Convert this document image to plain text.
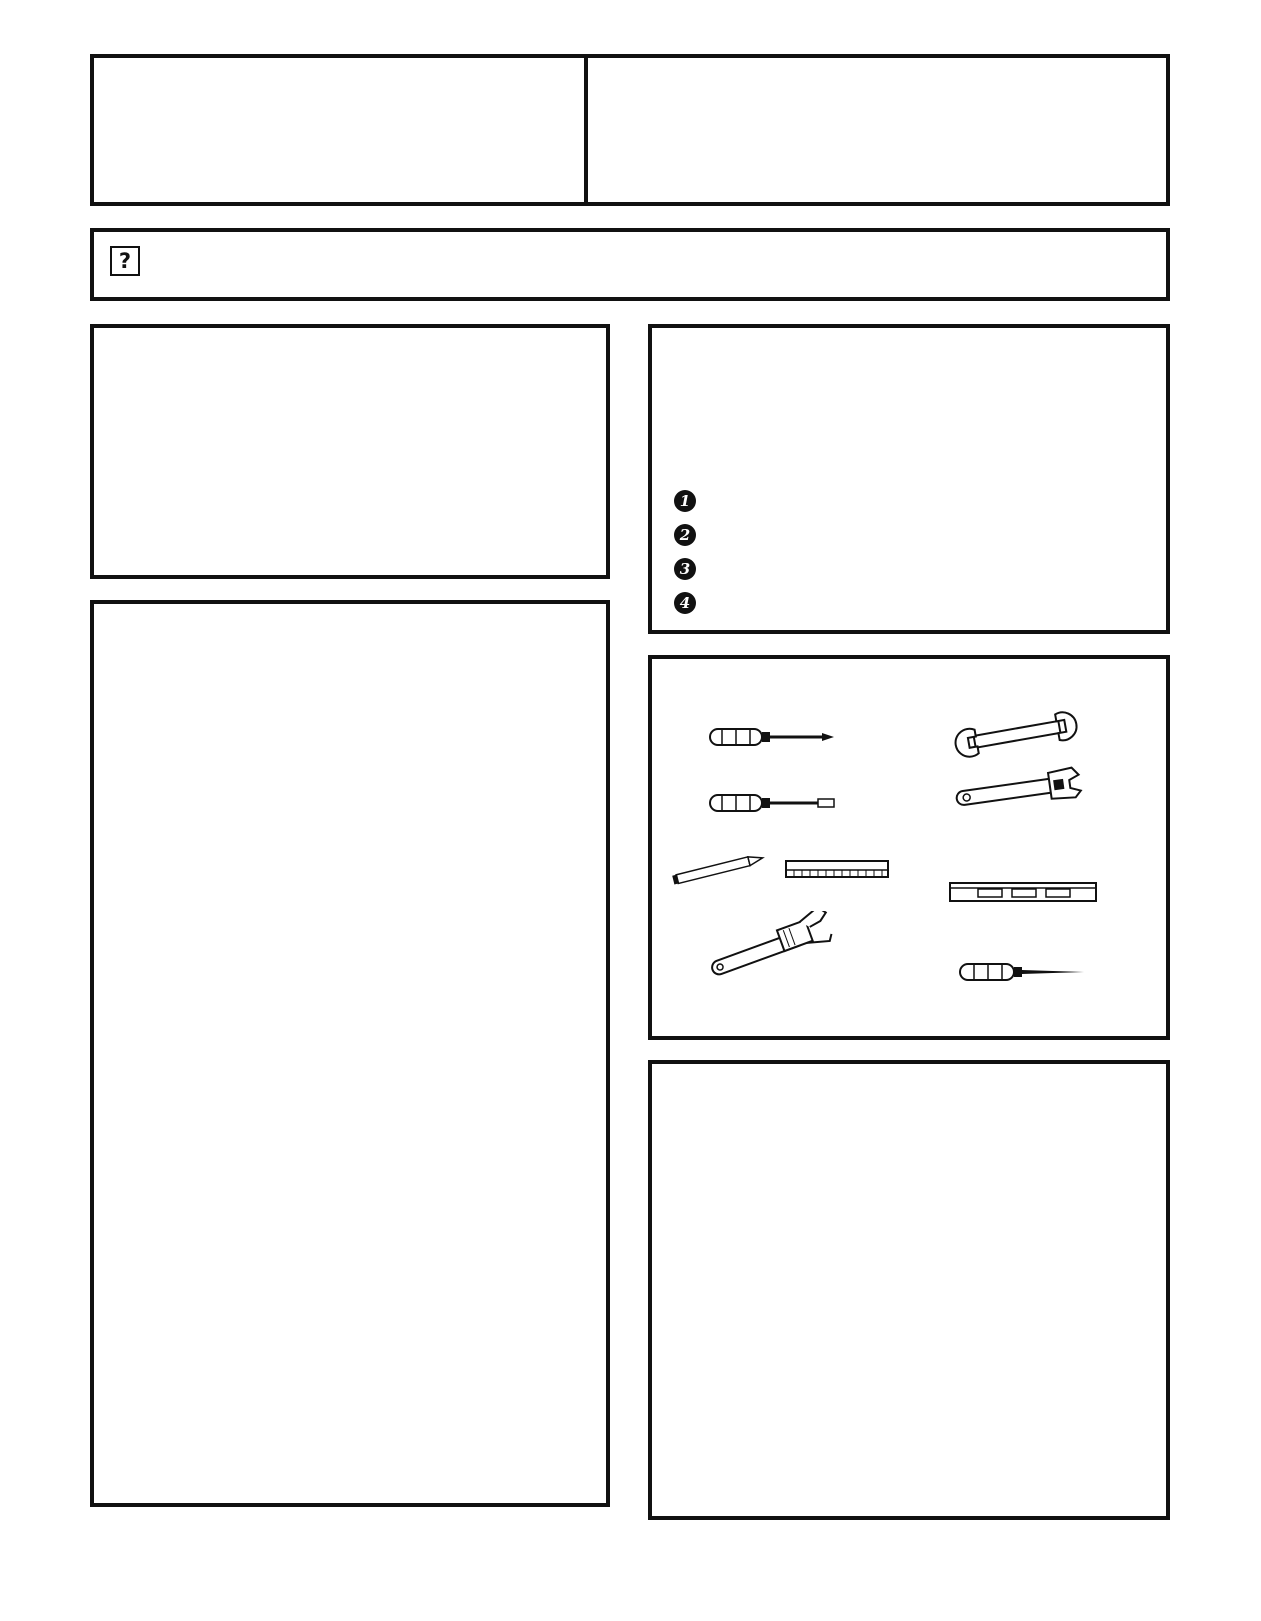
?
1
2
3
4
